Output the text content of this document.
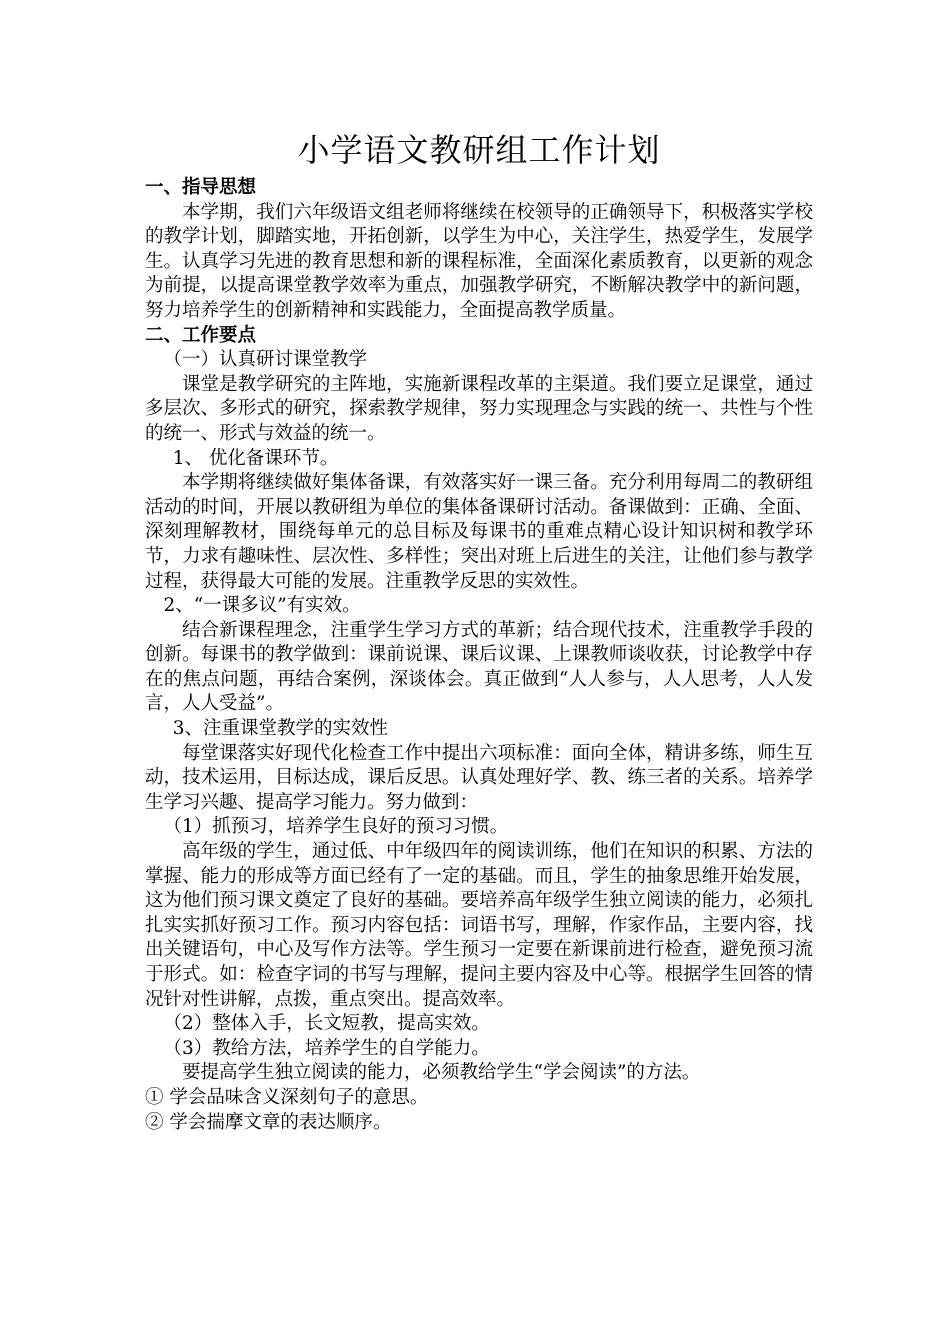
小学语文教研组工作计划

一、指导思想

本学期，我们六年级语文组老师将继续在校领导的正确领导下，积极落实学校的教学计划，脚踏实地，开拓创新，以学生为中心，关注学生，热爱学生，发展学生。认真学习先进的教育思想和新的课程标准，全面深化素质教育，以更新的观念为前提，以提高课堂教学效率为重点，加强教学研究，不断解决教学中的新问题，努力培养学生的创新精神和实践能力，全面提高教学质量。

二、工作要点

（一）认真研讨课堂教学

课堂是教学研究的主阵地，实施新课程改革的主渠道。我们要立足课堂，通过多层次、多形式的研究，探索教学规律，努力实现理念与实践的统一、共性与个性的统一、形式与效益的统一。

1、 优化备课环节。

本学期将继续做好集体备课，有效落实好一课三备。充分利用每周二的教研组活动的时间，开展以教研组为单位的集体备课研讨活动。备课做到：正确、全面、深刻理解教材，围绕每单元的总目标及每课书的重难点精心设计知识树和教学环节，力求有趣味性、层次性、多样性；突出对班上后进生的关注，让他们参与教学过程，获得最大可能的发展。注重教学反思的实效性。

2、“一课多议”有实效。

结合新课程理念，注重学生学习方式的革新；结合现代技术，注重教学手段的创新。每课书的教学做到：课前说课、课后议课、上课教师谈收获，讨论教学中存在的焦点问题，再结合案例，深谈体会。真正做到“人人参与，人人思考，人人发言，人人受益”。

3、注重课堂教学的实效性

每堂课落实好现代化检查工作中提出六项标准：面向全体，精讲多练，师生互动，技术运用，目标达成，课后反思。认真处理好学、教、练三者的关系。培养学生学习兴趣、提高学习能力。努力做到：

（1）抓预习，培养学生良好的预习习惯。

高年级的学生，通过低、中年级四年的阅读训练，他们在知识的积累、方法的掌握、能力的形成等方面已经有了一定的基础。而且，学生的抽象思维开始发展，这为他们预习课文奠定了良好的基础。要培养高年级学生独立阅读的能力，必须扎扎实实抓好预习工作。预习内容包括：词语书写，理解，作家作品，主要内容，找出关键语句，中心及写作方法等。学生预习一定要在新课前进行检查，避免预习流于形式。如：检查字词的书写与理解，提问主要内容及中心等。根据学生回答的情况针对性讲解，点拨，重点突出。提高效率。

（2）整体入手，长文短教，提高实效。

（3）教给方法，培养学生的自学能力。

要提高学生独立阅读的能力，必须教给学生“学会阅读”的方法。

① 学会品味含义深刻句子的意思。

② 学会揣摩文章的表达顺序。
